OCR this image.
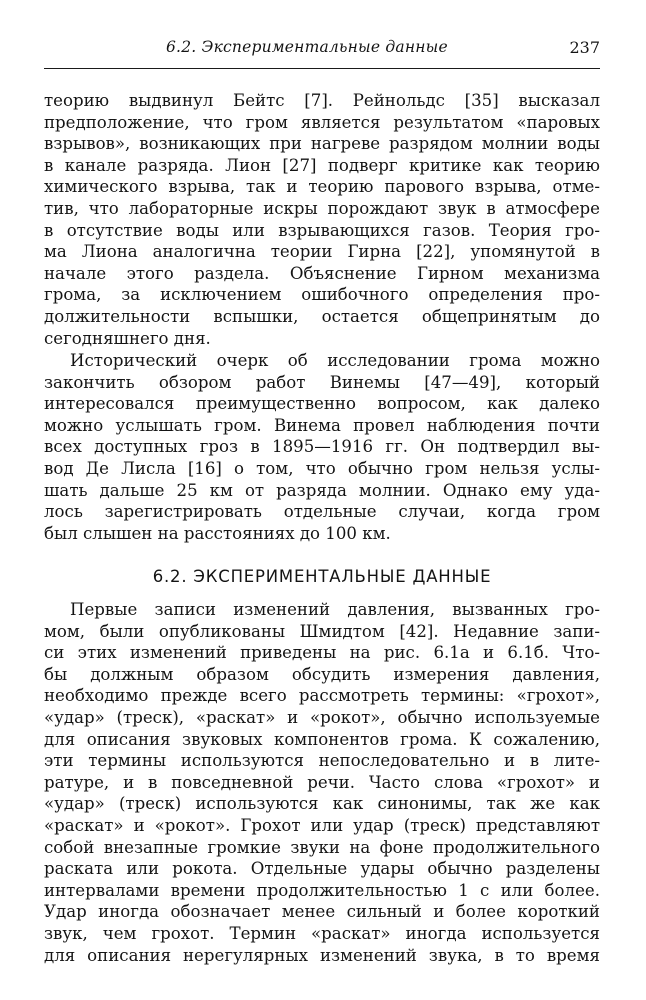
6.2. Экспериментальные данные	237
теорию выдвинул Бейтс [7]. Рейнольдс [35] высказал
предположение, что гром является результатом «паровых
взрывов», возникающих при нагреве разрядом молнии воды
в канале разряда. Лион [27] подверг критике как теорию
химического взрыва, так и теорию парового взрыва, отме-
тив, что лабораторные искры порождают звук в атмосфере
в отсутствие воды или взрывающихся газов. Теория гро-
ма Лиона аналогична теории Гирна [22], упомянутой в
начале этого раздела. Объяснение Гирном механизма
грома, за исключением ошибочного определения про-
должительности вспышки, остается общепринятым до
сегодняшнего дня.
Исторический очерк об исследовании грома можно
закончить обзором работ Винемы [47—49], который
интересовался преимущественно вопросом, как далеко
можно услышать гром. Винема провел наблюдения почти
всех доступных гроз в 1895—1916 гг. Он подтвердил вы-
вод Де Лисла [16] о том, что обычно гром нельзя услы-
шать дальше 25 км от разряда молнии. Однако ему уда-
лось зарегистрировать отдельные случаи, когда гром
был слышен на расстояниях до 100 км.
6.2. ЭКСПЕРИМЕНТАЛЬНЫЕ ДАННЫЕ
Первые записи изменений давления, вызванных гро-
мом, были опубликованы Шмидтом [42]. Недавние запи-
си этих изменений приведены на рис. 6.1а и 6.1б. Что-
бы должным образом обсудить измерения давления,
необходимо прежде всего рассмотреть термины: «грохот»,
«удар» (треск), «раскат» и «рокот», обычно используемые
для описания звуковых компонентов грома. К сожалению,
эти термины используются непоследовательно и в лите-
ратуре, и в повседневной речи. Часто слова «грохот» и
«удар» (треск) используются как синонимы, так же как
«раскат» и «рокот». Грохот или удар (треск) представляют
собой внезапные громкие звуки на фоне продолжительного
раската или рокота. Отдельные удары обычно разделены
интервалами времени продолжительностью 1 с или более.
Удар иногда обозначает менее сильный и более короткий
звук, чем грохот. Термин «раскат» иногда используется
для описания нерегулярных изменений звука, в то время
